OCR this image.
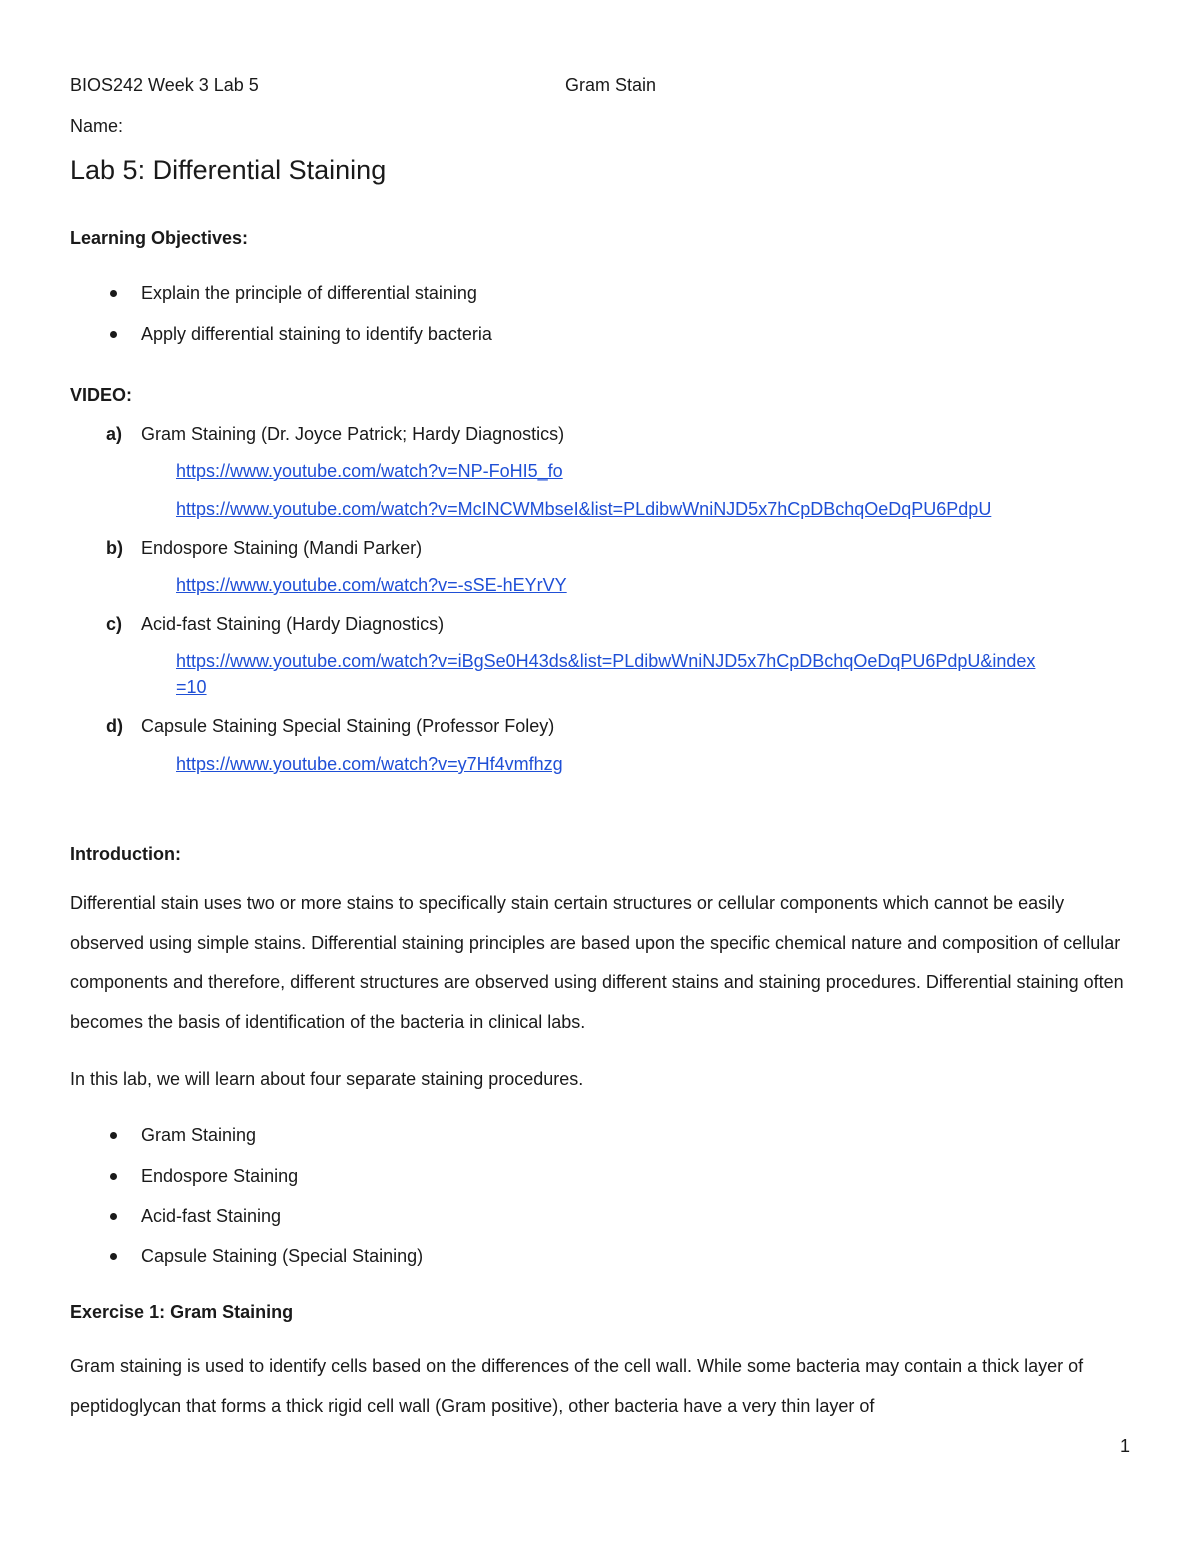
BIOS242 Week 3 Lab 5	Gram Stain
Name:
Lab 5: Differential Staining
Learning Objectives:
Explain the principle of differential staining
Apply differential staining to identify bacteria
VIDEO:
a) Gram Staining (Dr. Joyce Patrick; Hardy Diagnostics)
https://www.youtube.com/watch?v=NP-FoHI5_fo
https://www.youtube.com/watch?v=McINCWMbseI&list=PLdibwWniNJD5x7hCpDBchqOeDqPU6PdpU
b) Endospore Staining (Mandi Parker)
https://www.youtube.com/watch?v=-sSE-hEYrVY
c) Acid-fast Staining (Hardy Diagnostics)
https://www.youtube.com/watch?v=iBgSe0H43ds&list=PLdibwWniNJD5x7hCpDBchqOeDqPU6PdpU&index
=10
d) Capsule Staining Special Staining (Professor Foley)
https://www.youtube.com/watch?v=y7Hf4vmfhzg
Introduction:
Differential stain uses two or more stains to specifically stain certain structures or cellular components which cannot be easily observed using simple stains. Differential staining principles are based upon the specific chemical nature and composition of cellular components and therefore, different structures are observed using different stains and staining procedures. Differential staining often becomes the basis of identification of the bacteria in clinical labs.
In this lab, we will learn about four separate staining procedures.
Gram Staining
Endospore Staining
Acid-fast Staining
Capsule Staining (Special Staining)
Exercise 1: Gram Staining
Gram staining is used to identify cells based on the differences of the cell wall. While some bacteria may contain a thick layer of peptidoglycan that forms a thick rigid cell wall (Gram positive), other bacteria have a very thin layer of
1
